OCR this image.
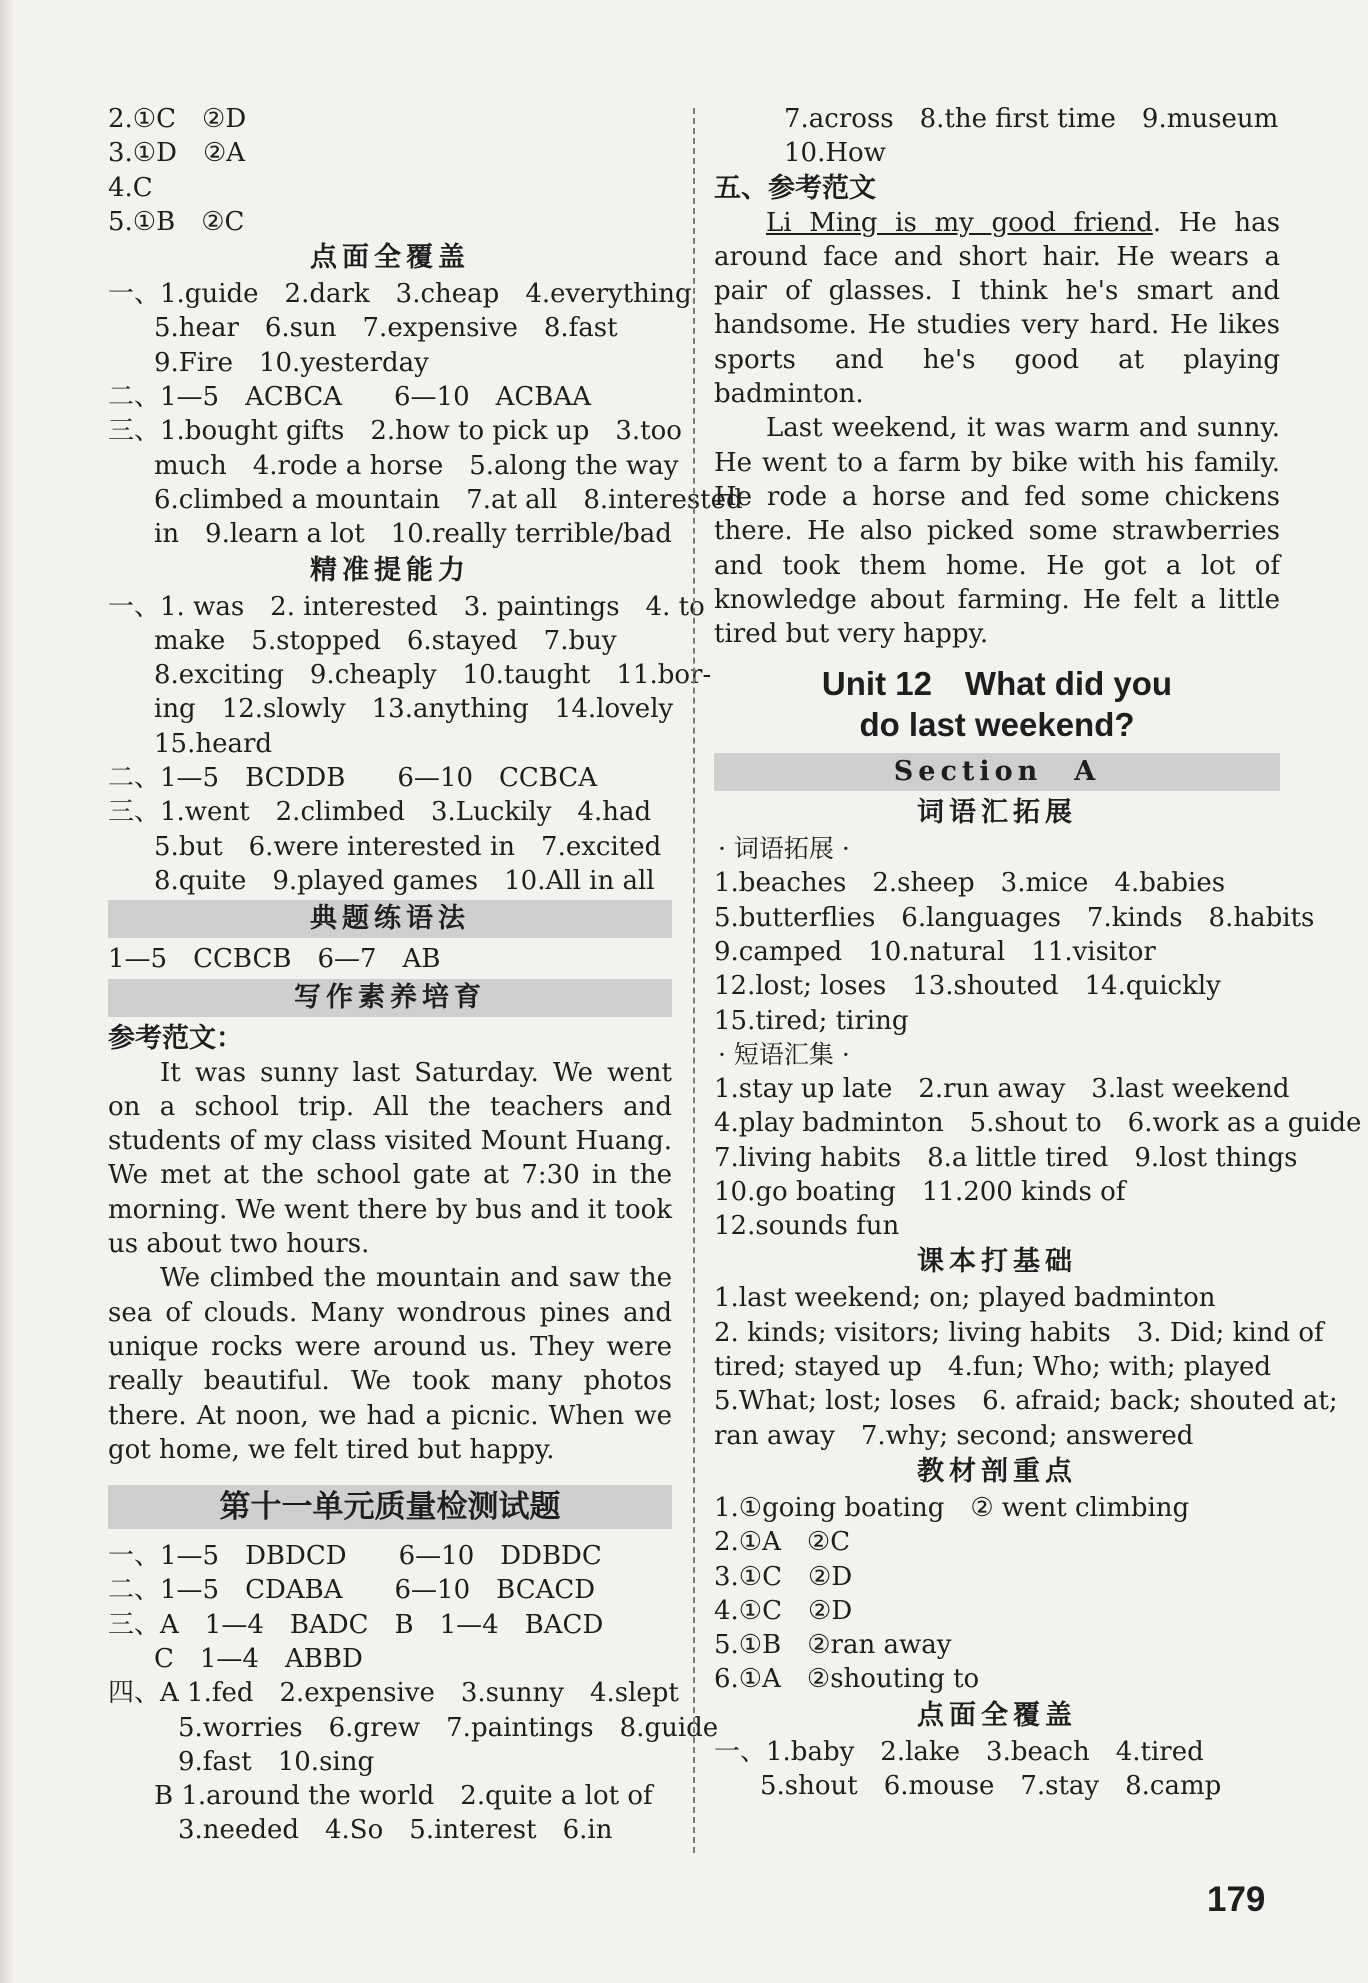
2.①C　②D
3.①D　②A
4.C
5.①B　②C
点面全覆盖
一、1.guide　2.dark　3.cheap　4.everything
5.hear　6.sun　7.expensive　8.fast
9.Fire　10.yesterday
二、1—5　ACBCA　　6—10　ACBAA
三、1.bought gifts　2.how to pick up　3.too
much　4.rode a horse　5.along the way
6.climbed a mountain　7.at all　8.interested
in　9.learn a lot　10.really terrible/bad
精准提能力
一、1. was　2. interested　3. paintings　4. to
make　5.stopped　6.stayed　7.buy
8.exciting　9.cheaply　10.taught　11.bor-
ing　12.slowly　13.anything　14.lovely
15.heard
二、1—5　BCDDB　　6—10　CCBCA
三、1.went　2.climbed　3.Luckily　4.had
5.but　6.were interested in　7.excited
8.quite　9.played games　10.All in all
典题练语法
1—5　CCBCB　6—7　AB
写作素养培育
参考范文：

It was sunny last Saturday. We went on a school trip. All the teachers and students of my class visited Mount Huang. We met at the school gate at 7:30 in the morning. We went there by bus and it took us about two hours.

We climbed the mountain and saw the sea of clouds. Many wondrous pines and unique rocks were around us. They were really beautiful. We took many photos there. At noon, we had a picnic. When we got home, we felt tired but happy.

第十一单元质量检测试题
一、1—5　DBDCD　　6—10　DDBDC
二、1—5　CDABA　　6—10　BCACD
三、A　1—4　BADC　B　1—4　BACD
C　1—4　ABBD
四、A 1.fed　2.expensive　3.sunny　4.slept
5.worries　6.grew　7.paintings　8.guide
9.fast　10.sing
B 1.around the world　2.quite a lot of
3.needed　4.So　5.interest　6.in
7.across　8.the first time　9.museum
10.How
五、参考范文

Li Ming is my good friend. He has around face and short hair. He wears a pair of glasses. I think he's smart and handsome. He studies very hard. He likes sports and he's good at playing badminton.

Last weekend, it was warm and sunny. He went to a farm by bike with his family. He rode a horse and fed some chickens there. He also picked some strawberries and took them home. He got a lot of knowledge about farming. He felt a little tired but very happy.

Unit 12　What did you
do last weekend?
Section　A
词语汇拓展
· 词语拓展 ·
1.beaches　2.sheep　3.mice　4.babies
5.butterflies　6.languages　7.kinds　8.habits
9.camped　10.natural　11.visitor
12.lost; loses　13.shouted　14.quickly
15.tired; tiring
· 短语汇集 ·
1.stay up late　2.run away　3.last weekend
4.play badminton　5.shout to　6.work as a guide
7.living habits　8.a little tired　9.lost things
10.go boating　11.200 kinds of
12.sounds fun
课本打基础
1.last weekend; on; played badminton
2. kinds; visitors; living habits　3. Did; kind of
tired; stayed up　4.fun; Who; with; played
5.What; lost; loses　6. afraid; back; shouted at;
ran away　7.why; second; answered
教材剖重点
1.①going boating　② went climbing
2.①A　②C
3.①C　②D
4.①C　②D
5.①B　②ran away
6.①A　②shouting to
点面全覆盖
一、1.baby　2.lake　3.beach　4.tired
5.shout　6.mouse　7.stay　8.camp
179
